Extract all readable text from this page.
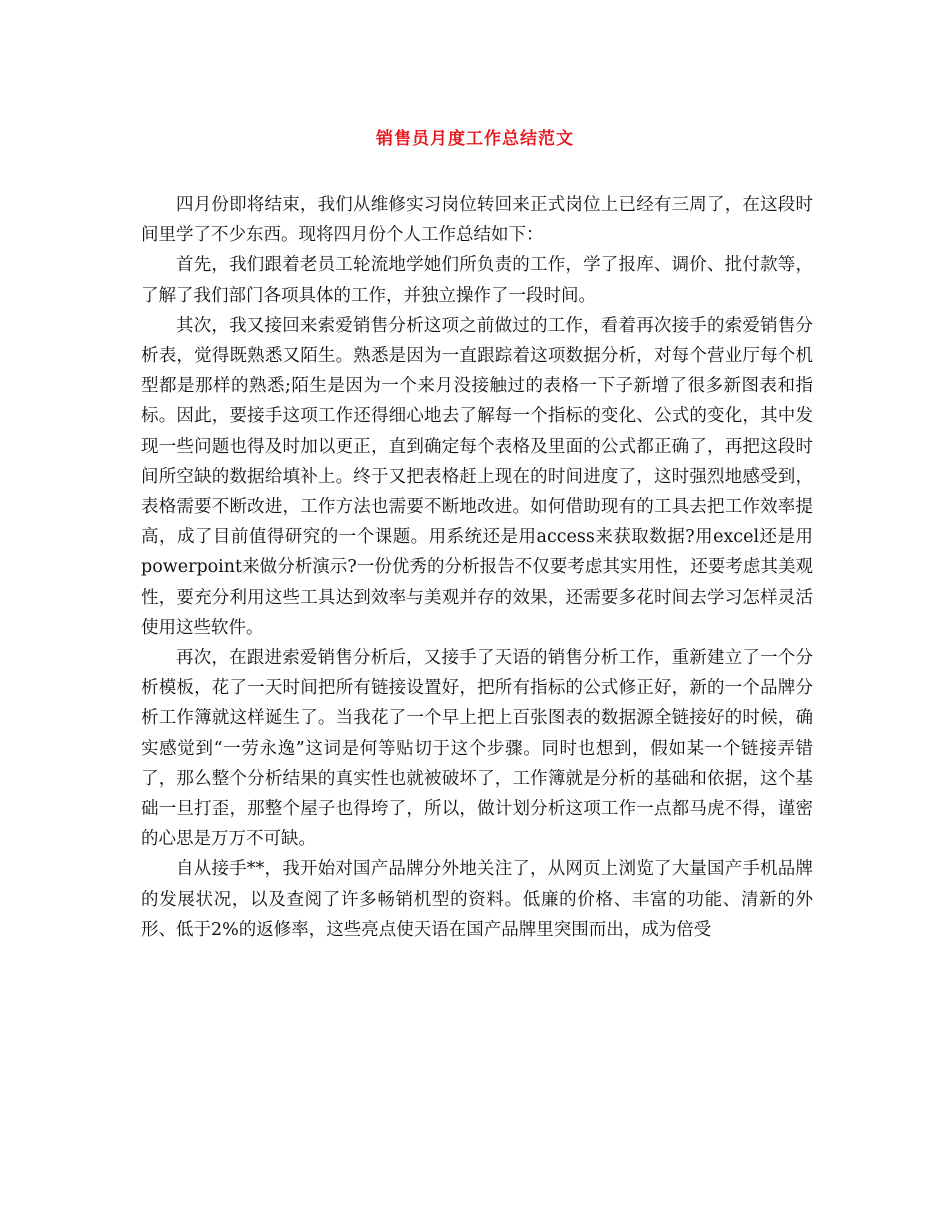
销售员月度工作总结范文

四月份即将结束，我们从维修实习岗位转回来正式岗位上已经有三周了，在这段时间里学了不少东西。现将四月份个人工作总结如下：

首先，我们跟着老员工轮流地学她们所负责的工作，学了报库、调价、批付款等，了解了我们部门各项具体的工作，并独立操作了一段时间。

其次，我又接回来索爱销售分析这项之前做过的工作，看着再次接手的索爱销售分析表，觉得既熟悉又陌生。熟悉是因为一直跟踪着这项数据分析，对每个营业厅每个机型都是那样的熟悉;陌生是因为一个来月没接触过的表格一下子新增了很多新图表和指标。因此，要接手这项工作还得细心地去了解每一个指标的变化、公式的变化，其中发现一些问题也得及时加以更正，直到确定每个表格及里面的公式都正确了，再把这段时间所空缺的数据给填补上。终于又把表格赶上现在的时间进度了，这时强烈地感受到，表格需要不断改进，工作方法也需要不断地改进。如何借助现有的工具去把工作效率提高，成了目前值得研究的一个课题。用系统还是用access来获取数据?用excel还是用powerpoint来做分析演示?一份优秀的分析报告不仅要考虑其实用性，还要考虑其美观性，要充分利用这些工具达到效率与美观并存的效果，还需要多花时间去学习怎样灵活使用这些软件。

再次，在跟进索爱销售分析后，又接手了天语的销售分析工作，重新建立了一个分析模板，花了一天时间把所有链接设置好，把所有指标的公式修正好，新的一个品牌分析工作簿就这样诞生了。当我花了一个早上把上百张图表的数据源全链接好的时候，确实感觉到“一劳永逸”这词是何等贴切于这个步骤。同时也想到，假如某一个链接弄错了，那么整个分析结果的真实性也就被破坏了，工作簿就是分析的基础和依据，这个基础一旦打歪，那整个屋子也得垮了，所以，做计划分析这项工作一点都马虎不得，谨密的心思是万万不可缺。

自从接手**，我开始对国产品牌分外地关注了，从网页上浏览了大量国产手机品牌的发展状况，以及查阅了许多畅销机型的资料。低廉的价格、丰富的功能、清新的外形、低于2%的返修率，这些亮点使天语在国产品牌里突围而出，成为倍受
